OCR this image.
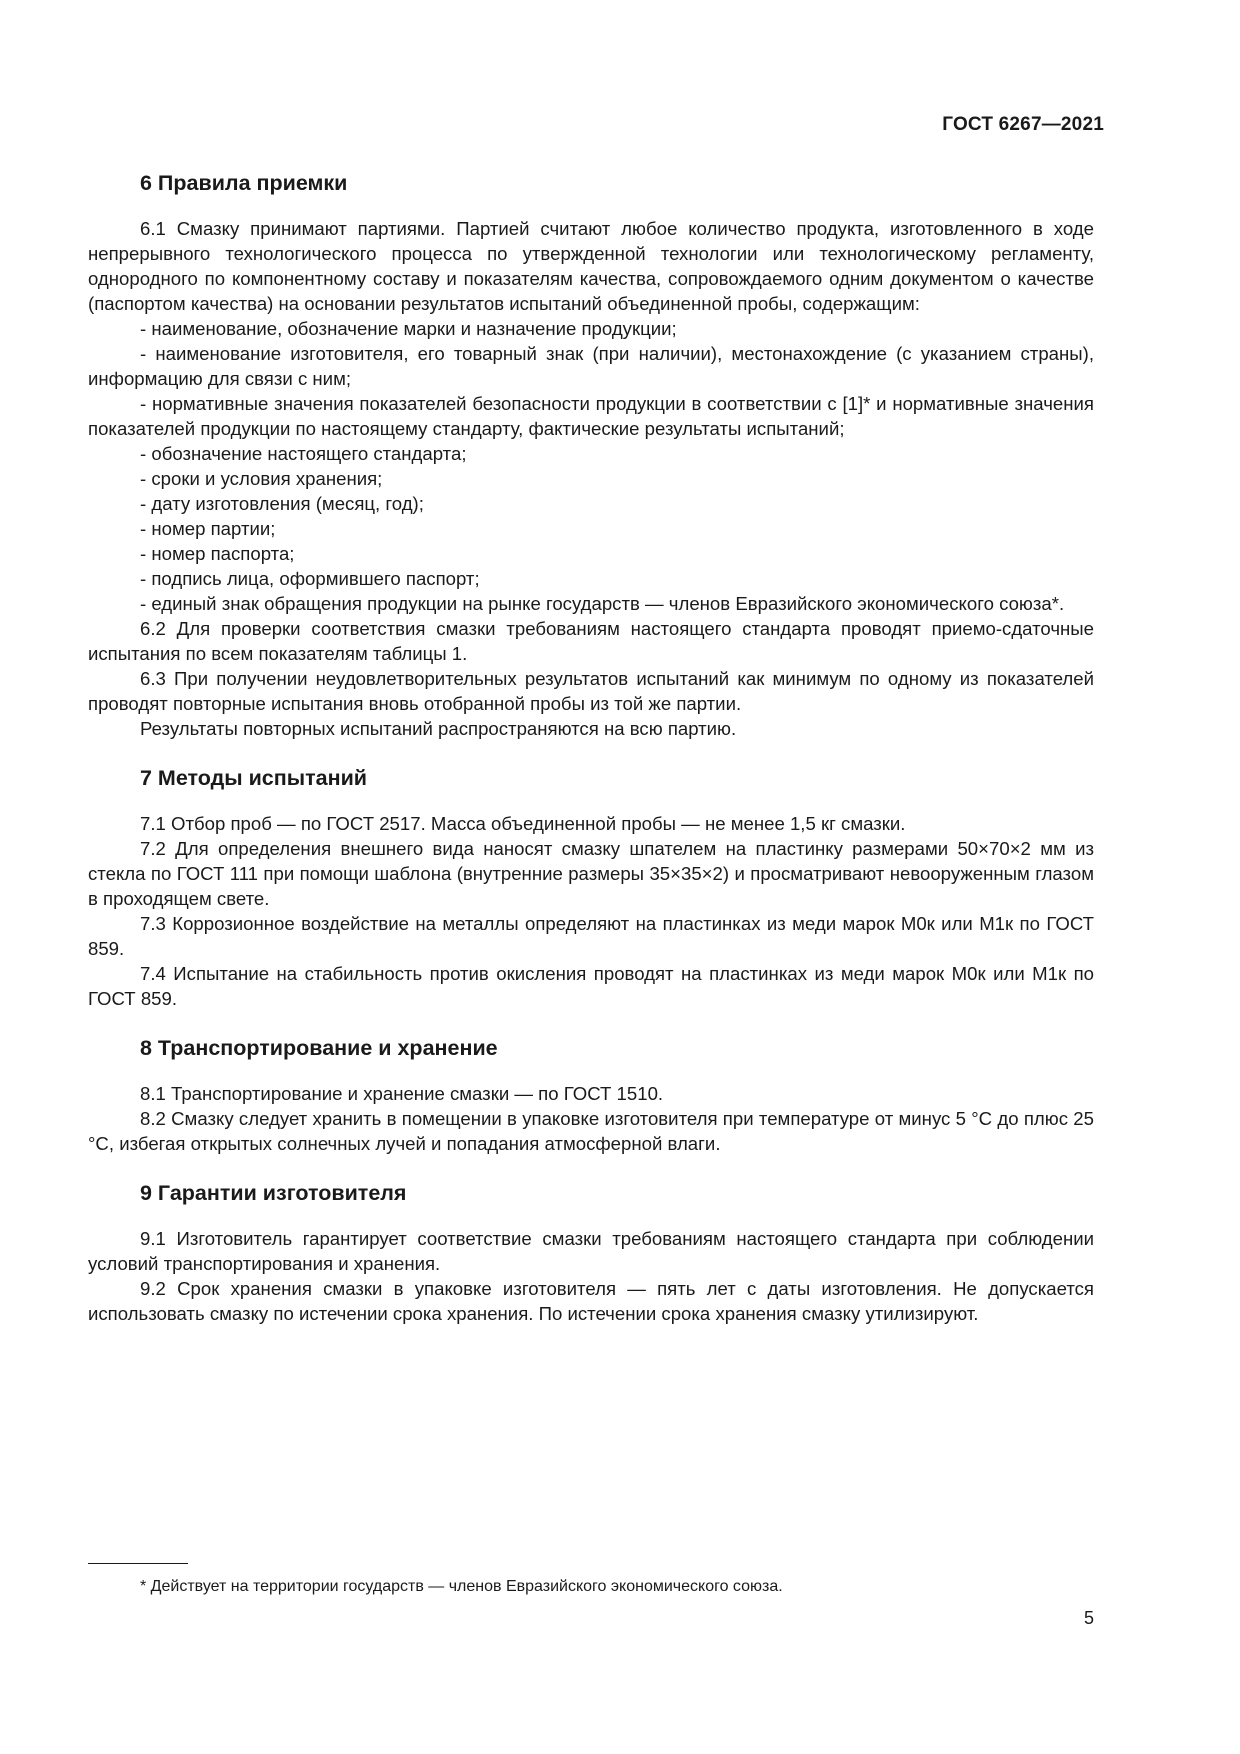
ГОСТ 6267—2021
6 Правила приемки

6.1 Смазку принимают партиями. Партией считают любое количество продукта, изготовленного в ходе непрерывного технологического процесса по утвержденной технологии или технологическому регламенту, однородного по компонентному составу и показателям качества, сопровождаемого одним документом о качестве (паспортом качества) на основании результатов испытаний объединенной пробы, содержащим:

- наименование, обозначение марки и назначение продукции;

- наименование изготовителя, его товарный знак (при наличии), местонахождение (с указанием страны), информацию для связи с ним;

- нормативные значения показателей безопасности продукции в соответствии с [1]* и нормативные значения показателей продукции по настоящему стандарту, фактические результаты испытаний;

- обозначение настоящего стандарта;

- сроки и условия хранения;

- дату изготовления (месяц, год);

- номер партии;

- номер паспорта;

- подпись лица, оформившего паспорт;

- единый знак обращения продукции на рынке государств — членов Евразийского экономического союза*.

6.2 Для проверки соответствия смазки требованиям настоящего стандарта проводят приемо-сдаточные испытания по всем показателям таблицы 1.

6.3 При получении неудовлетворительных результатов испытаний как минимум по одному из показателей проводят повторные испытания вновь отобранной пробы из той же партии.

Результаты повторных испытаний распространяются на всю партию.

7 Методы испытаний

7.1 Отбор проб — по ГОСТ 2517. Масса объединенной пробы — не менее 1,5 кг смазки.

7.2 Для определения внешнего вида наносят смазку шпателем на пластинку размерами 50×70×2 мм из стекла по ГОСТ 111 при помощи шаблона (внутренние размеры 35×35×2) и просматривают невооруженным глазом в проходящем свете.

7.3 Коррозионное воздействие на металлы определяют на пластинках из меди марок М0к или М1к по ГОСТ 859.

7.4 Испытание на стабильность против окисления проводят на пластинках из меди марок М0к или М1к по ГОСТ 859.

8 Транспортирование и хранение

8.1 Транспортирование и хранение смазки — по ГОСТ 1510.

8.2 Смазку следует хранить в помещении в упаковке изготовителя при температуре от минус 5 °С до плюс 25 °С, избегая открытых солнечных лучей и попадания атмосферной влаги.

9 Гарантии изготовителя

9.1 Изготовитель гарантирует соответствие смазки требованиям настоящего стандарта при соблюдении условий транспортирования и хранения.

9.2 Срок хранения смазки в упаковке изготовителя — пять лет с даты изготовления. Не допускается использовать смазку по истечении срока хранения. По истечении срока хранения смазку утилизируют.

* Действует на территории государств — членов Евразийского экономического союза.
5
